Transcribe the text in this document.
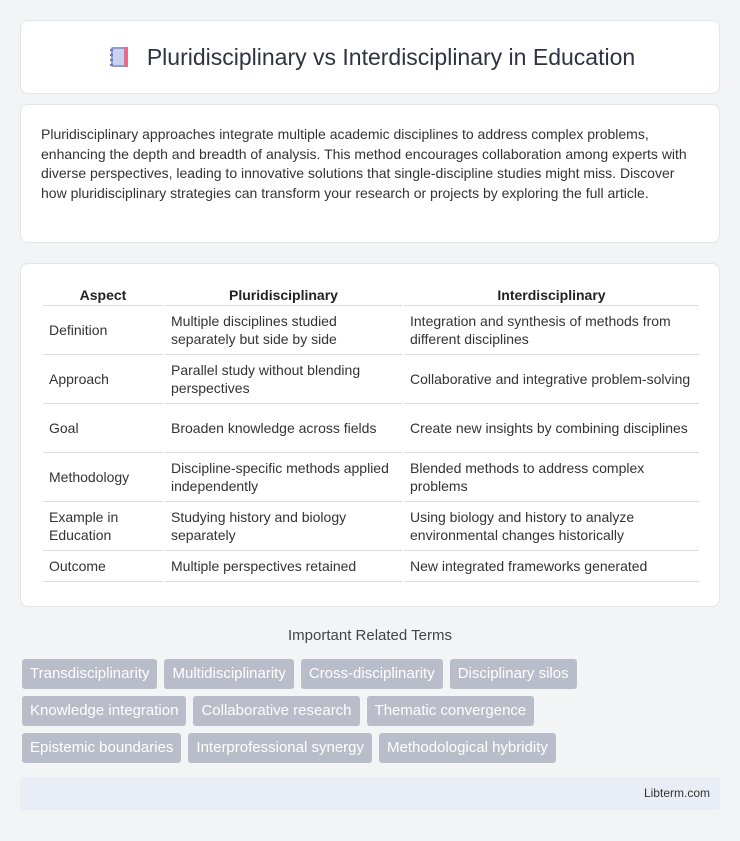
Pluridisciplinary vs Interdisciplinary in Education

Pluridisciplinary approaches integrate multiple academic disciplines to address complex problems, enhancing the depth and breadth of analysis. This method encourages collaboration among experts with diverse perspectives, leading to innovative solutions that single-discipline studies might miss. Discover how pluridisciplinary strategies can transform your research or projects by exploring the full article.

Aspect	Pluridisciplinary	Interdisciplinary
Definition	Multiple disciplines studied separately but side by side	Integration and synthesis of methods from different disciplines
Approach	Parallel study without blending perspectives	Collaborative and integrative problem-solving
Goal	Broaden knowledge across fields	Create new insights by combining disciplines
Methodology	Discipline-specific methods applied independently	Blended methods to address complex problems
Example in Education	Studying history and biology separately	Using biology and history to analyze environmental changes historically
Outcome	Multiple perspectives retained	New integrated frameworks generated
Important Related Terms
Transdisciplinarity	Multidisciplinarity	Cross-disciplinarity	Disciplinary silos
Knowledge integration	Collaborative research	Thematic convergence
Epistemic boundaries	Interprofessional synergy	Methodological hybridity
Libterm.com
